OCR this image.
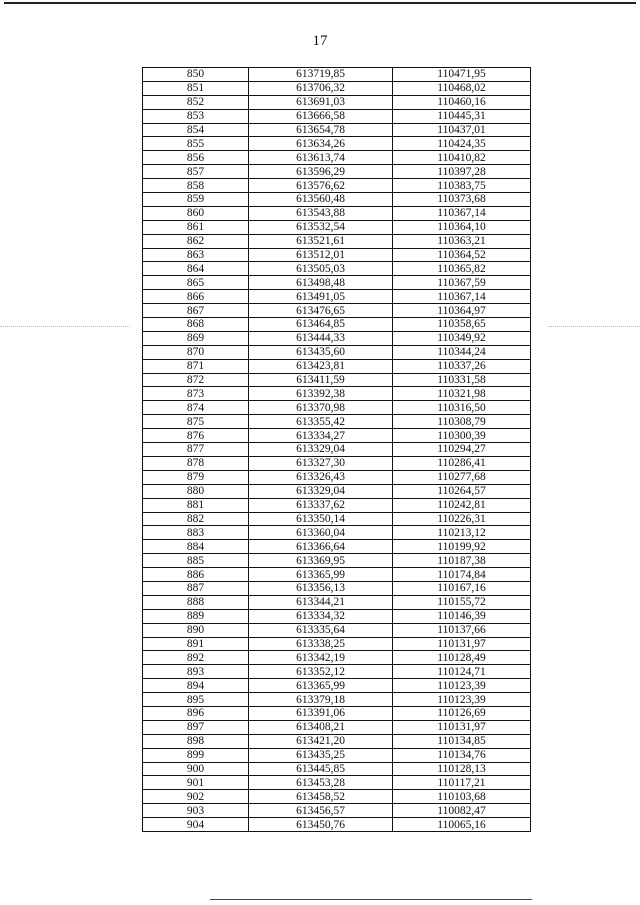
17
850	613719,85	110471,95
851	613706,32	110468,02
852	613691,03	110460,16
853	613666,58	110445,31
854	613654,78	110437,01
855	613634,26	110424,35
856	613613,74	110410,82
857	613596,29	110397,28
858	613576,62	110383,75
859	613560,48	110373,68
860	613543,88	110367,14
861	613532,54	110364,10
862	613521,61	110363,21
863	613512,01	110364,52
864	613505,03	110365,82
865	613498,48	110367,59
866	613491,05	110367,14
867	613476,65	110364,97
868	613464,85	110358,65
869	613444,33	110349,92
870	613435,60	110344,24
871	613423,81	110337,26
872	613411,59	110331,58
873	613392,38	110321,98
874	613370,98	110316,50
875	613355,42	110308,79
876	613334,27	110300,39
877	613329,04	110294,27
878	613327,30	110286,41
879	613326,43	110277,68
880	613329,04	110264,57
881	613337,62	110242,81
882	613350,14	110226,31
883	613360,04	110213,12
884	613366,64	110199,92
885	613369,95	110187,38
886	613365,99	110174,84
887	613356,13	110167,16
888	613344,21	110155,72
889	613334,32	110146,39
890	613335,64	110137,66
891	613338,25	110131,97
892	613342,19	110128,49
893	613352,12	110124,71
894	613365,99	110123,39
895	613379,18	110123,39
896	613391,06	110126,69
897	613408,21	110131,97
898	613421,20	110134,85
899	613435,25	110134,76
900	613445,85	110128,13
901	613453,28	110117,21
902	613458,52	110103,68
903	613456,57	110082,47
904	613450,76	110065,16
